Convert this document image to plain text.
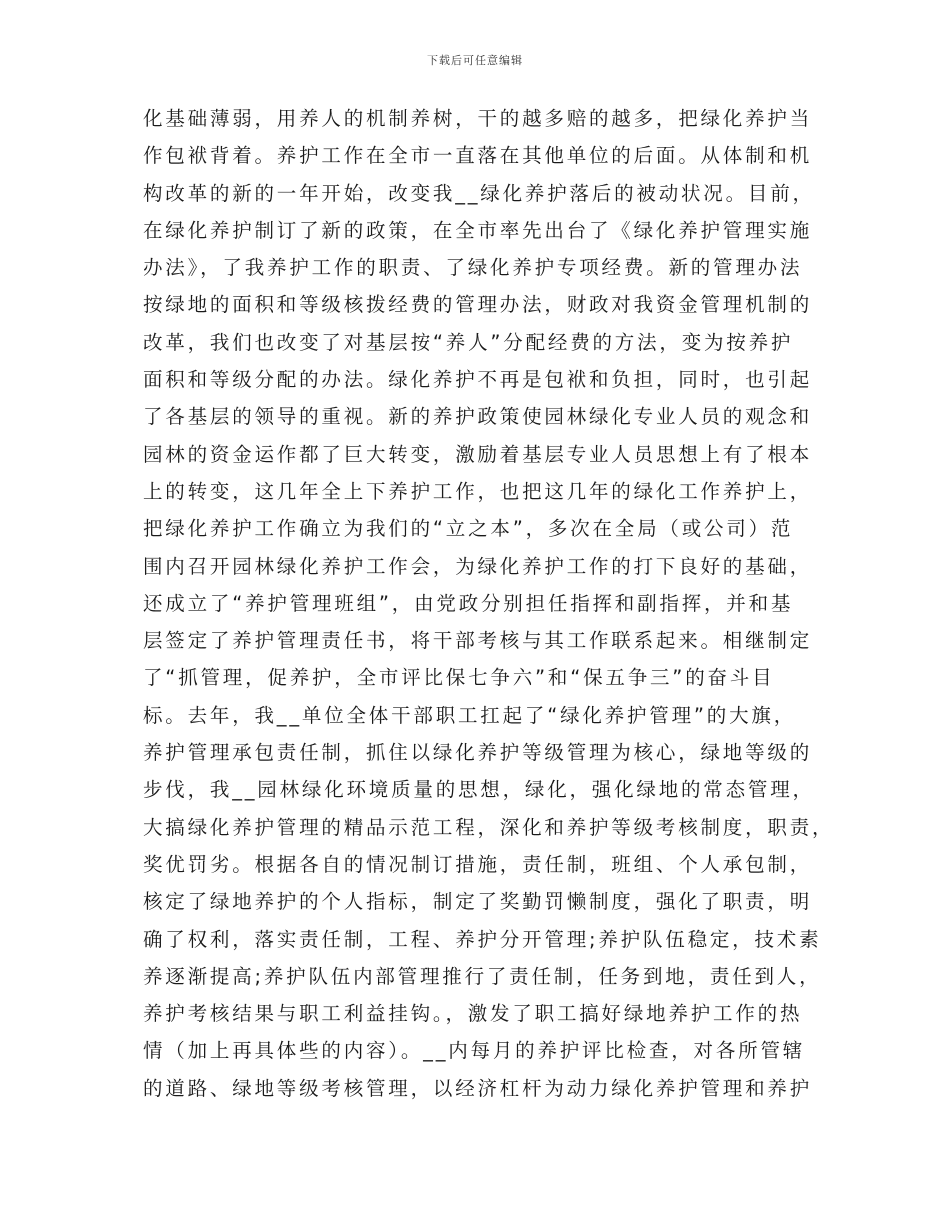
下载后可任意编辑
化基础薄弱，用养人的机制养树，干的越多赔的越多，把绿化养护当
作包袱背着。养护工作在全市一直落在其他单位的后面。从体制和机
构改革的新的一年开始，改变我__绿化养护落后的被动状况。目前，
在绿化养护制订了新的政策，在全市率先出台了《绿化养护管理实施
办法》，了我养护工作的职责、了绿化养护专项经费。新的管理办法
按绿地的面积和等级核拨经费的管理办法，财政对我资金管理机制的
改革，我们也改变了对基层按“养人”分配经费的方法，变为按养护
面积和等级分配的办法。绿化养护不再是包袱和负担，同时，也引起
了各基层的领导的重视。新的养护政策使园林绿化专业人员的观念和
园林的资金运作都了巨大转变，激励着基层专业人员思想上有了根本
上的转变，这几年全上下养护工作，也把这几年的绿化工作养护上，
把绿化养护工作确立为我们的“立之本”，多次在全局（或公司）范
围内召开园林绿化养护工作会，为绿化养护工作的打下良好的基础，
还成立了“养护管理班组”，由党政分别担任指挥和副指挥，并和基
层签定了养护管理责任书，将干部考核与其工作联系起来。相继制定
了“抓管理，促养护，全市评比保七争六”和“保五争三”的奋斗目
标。去年，我__单位全体干部职工扛起了“绿化养护管理”的大旗，
养护管理承包责任制，抓住以绿化养护等级管理为核心，绿地等级的
步伐，我__园林绿化环境质量的思想，绿化，强化绿地的常态管理，
大搞绿化养护管理的精品示范工程，深化和养护等级考核制度，职责，
奖优罚劣。根据各自的情况制订措施，责任制，班组、个人承包制，
核定了绿地养护的个人指标，制定了奖勤罚懒制度，强化了职责，明
确了权利，落实责任制，工程、养护分开管理;养护队伍稳定，技术素
养逐渐提高;养护队伍内部管理推行了责任制，任务到地，责任到人，
养护考核结果与职工利益挂钩。，激发了职工搞好绿地养护工作的热
情（加上再具体些的内容）。__内每月的养护评比检查，对各所管辖
的道路、绿地等级考核管理，以经济杠杆为动力绿化养护管理和养护
